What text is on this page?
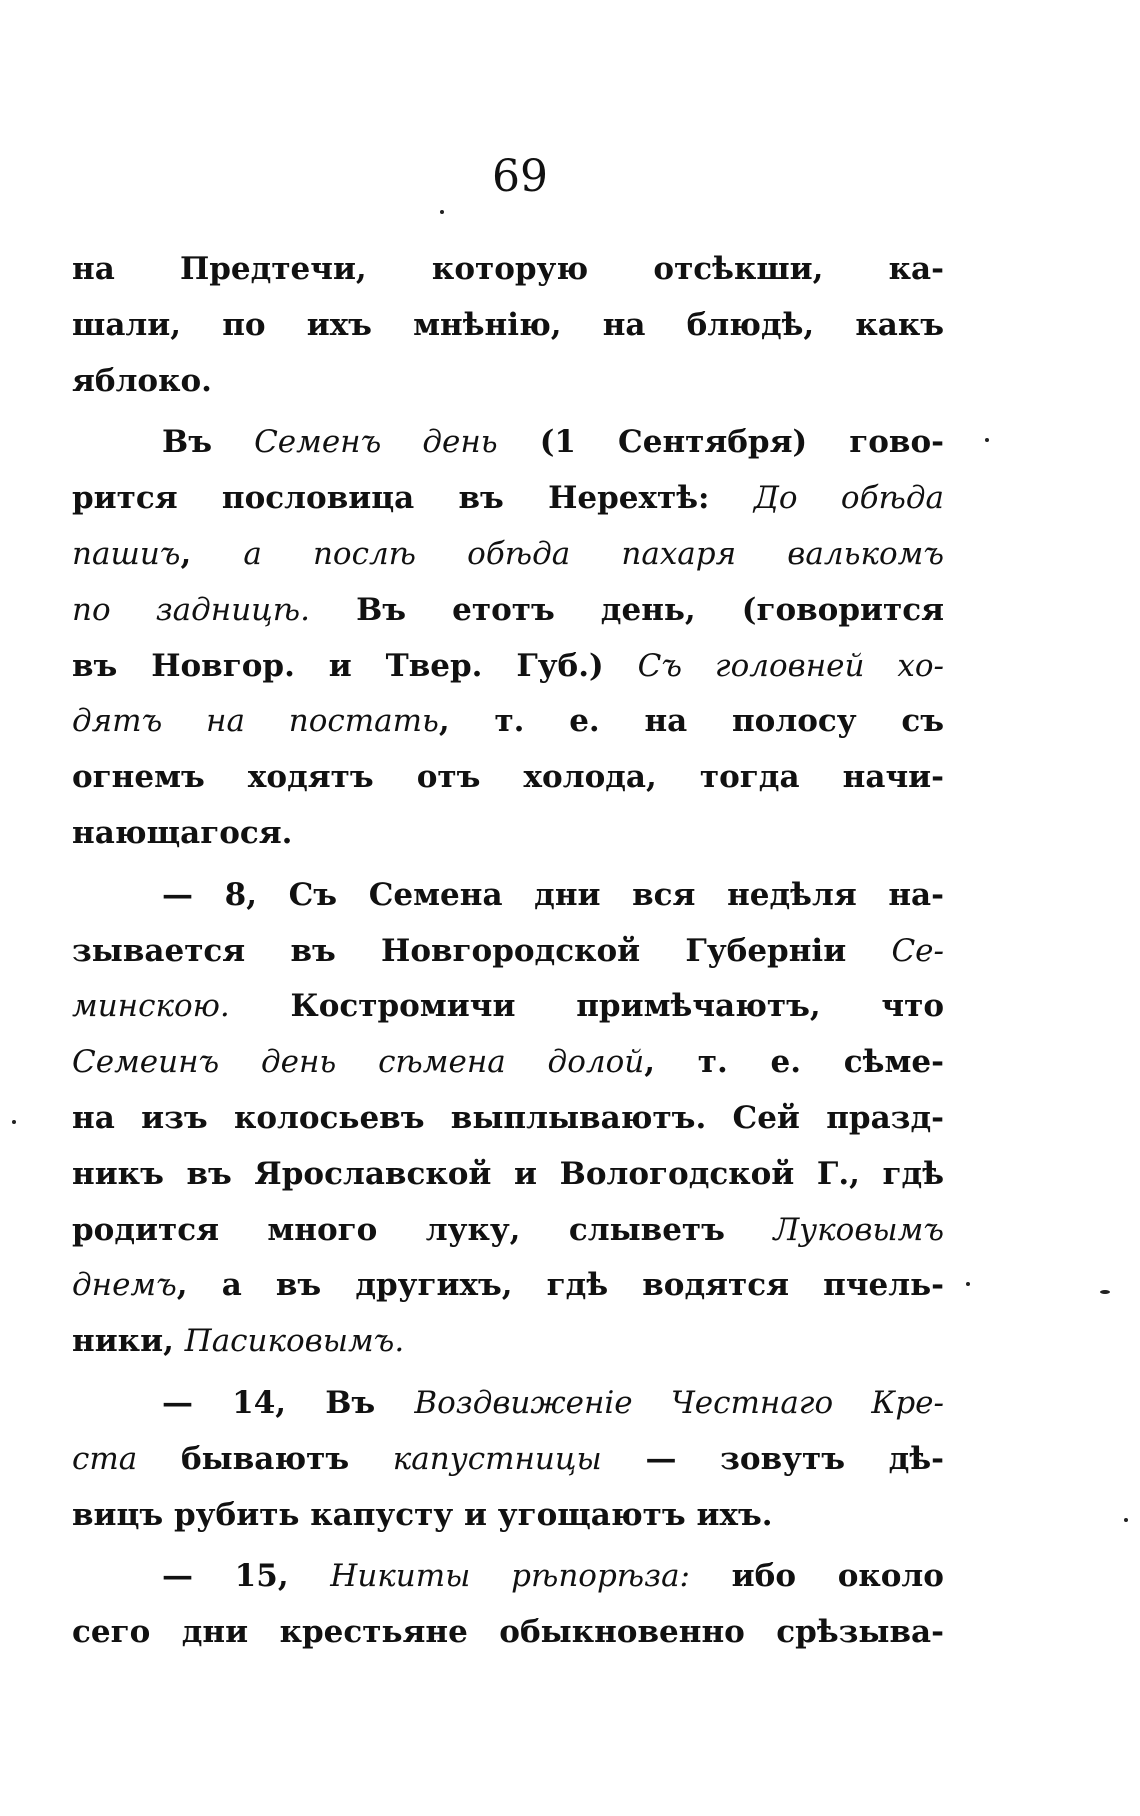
69
на Предтечи, которую отсѣкши, ка-
шали, по ихъ мнѣнію, на блюдѣ, какъ
яблоко.
Въ Семенъ день (1 Сентября) гово-
рится пословица въ Нерехтѣ: До обѣда
пашиъ, а послѣ обѣда пахаря валькомъ
по задницѣ. Въ етотъ день, (говорится
въ Новгор. и Твер. Губ.) Съ головней хо-
дятъ на постать, т. е. на полосу съ
огнемъ ходятъ отъ холода, тогда начи-
нающагося.
— 8, Съ Семена дни вся недѣля на-
зывается въ Новгородской Губерніи Се-
минскою. Костромичи примѣчаютъ, что
Семеинъ день сѣмена долой, т. е. сѣме-
на изъ колосьевъ выплываютъ. Сей празд-
никъ въ Ярославской и Вологодской Г., гдѣ
родится много луку, слыветъ Луковымъ
днемъ, а въ другихъ, гдѣ водятся пчель-
ники, Пасиковымъ.
— 14, Въ Воздвиженіе Честнаго Кре-
ста бываютъ капустницы — зовутъ дѣ-
вицъ рубить капусту и угощаютъ ихъ.
— 15, Никиты рѣпорѣза: ибо около
сего дни крестьяне обыкновенно срѣзыва-
